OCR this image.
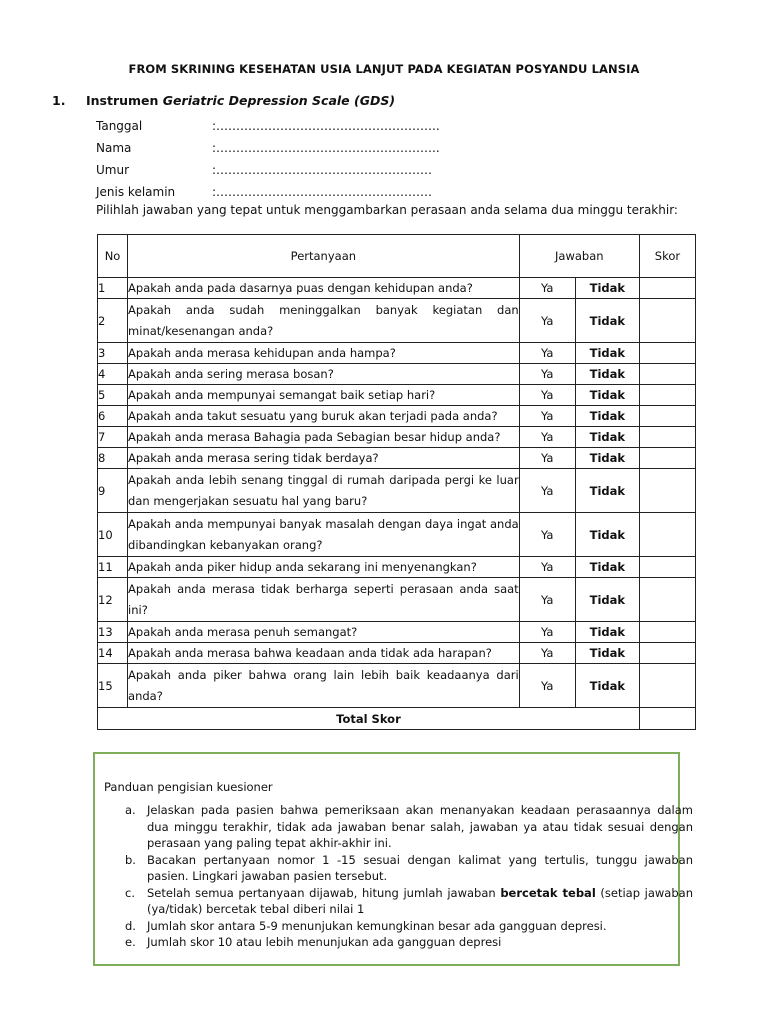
FROM SKRINING KESEHATAN USIA LANJUT PADA KEGIATAN POSYANDU LANSIA
1. Instrumen Geriatric Depression Scale (GDS)
Tanggal	:………………………………………………..
Nama	:………………………………………………..
Umur	:………………………………………………
Jenis kelamin	:………………………………………………
Pilihlah jawaban yang tepat untuk menggambarkan perasaan anda selama dua minggu terakhir:
No	Pertanyaan	Jawaban		Skor
1	Apakah anda pada dasarnya puas dengan kehidupan anda?	Ya	Tidak	
2	Apakah anda sudah meninggalkan banyak kegiatan dan minat/kesenangan anda?	Ya	Tidak	
3	Apakah anda merasa kehidupan anda hampa?	Ya	Tidak	
4	Apakah anda sering merasa bosan?	Ya	Tidak	
5	Apakah anda mempunyai semangat baik setiap hari?	Ya	Tidak	
6	Apakah anda takut sesuatu yang buruk akan terjadi pada anda?	Ya	Tidak	
7	Apakah anda merasa Bahagia pada Sebagian besar hidup anda?	Ya	Tidak	
8	Apakah anda merasa sering tidak berdaya?	Ya	Tidak	
9	Apakah anda lebih senang tinggal di rumah daripada pergi ke luar dan mengerjakan sesuatu hal yang baru?	Ya	Tidak	
10	Apakah anda mempunyai banyak masalah dengan daya ingat anda dibandingkan kebanyakan orang?	Ya	Tidak	
11	Apakah anda piker hidup anda sekarang ini menyenangkan?	Ya	Tidak	
12	Apakah anda merasa tidak berharga seperti perasaan anda saat ini?	Ya	Tidak	
13	Apakah anda merasa penuh semangat?	Ya	Tidak	
14	Apakah anda merasa bahwa keadaan anda tidak ada harapan?	Ya	Tidak	
15	Apakah anda piker bahwa orang lain lebih baik keadaanya dari anda?	Ya	Tidak	
Total Skor				
Panduan pengisian kuesioner
a. Jelaskan pada pasien bahwa pemeriksaan akan menanyakan keadaan perasaannya dalam dua minggu terakhir, tidak ada jawaban benar salah, jawaban ya atau tidak sesuai dengan perasaan yang paling tepat akhir-akhir ini.
b. Bacakan pertanyaan nomor 1 -15 sesuai dengan kalimat yang tertulis, tunggu jawaban pasien. Lingkari jawaban pasien tersebut.
c. Setelah semua pertanyaan dijawab, hitung jumlah jawaban bercetak tebal (setiap jawaban (ya/tidak) bercetak tebal diberi nilai 1
d. Jumlah skor antara 5-9 menunjukan kemungkinan besar ada gangguan depresi.
e. Jumlah skor 10 atau lebih menunjukan ada gangguan depresi
